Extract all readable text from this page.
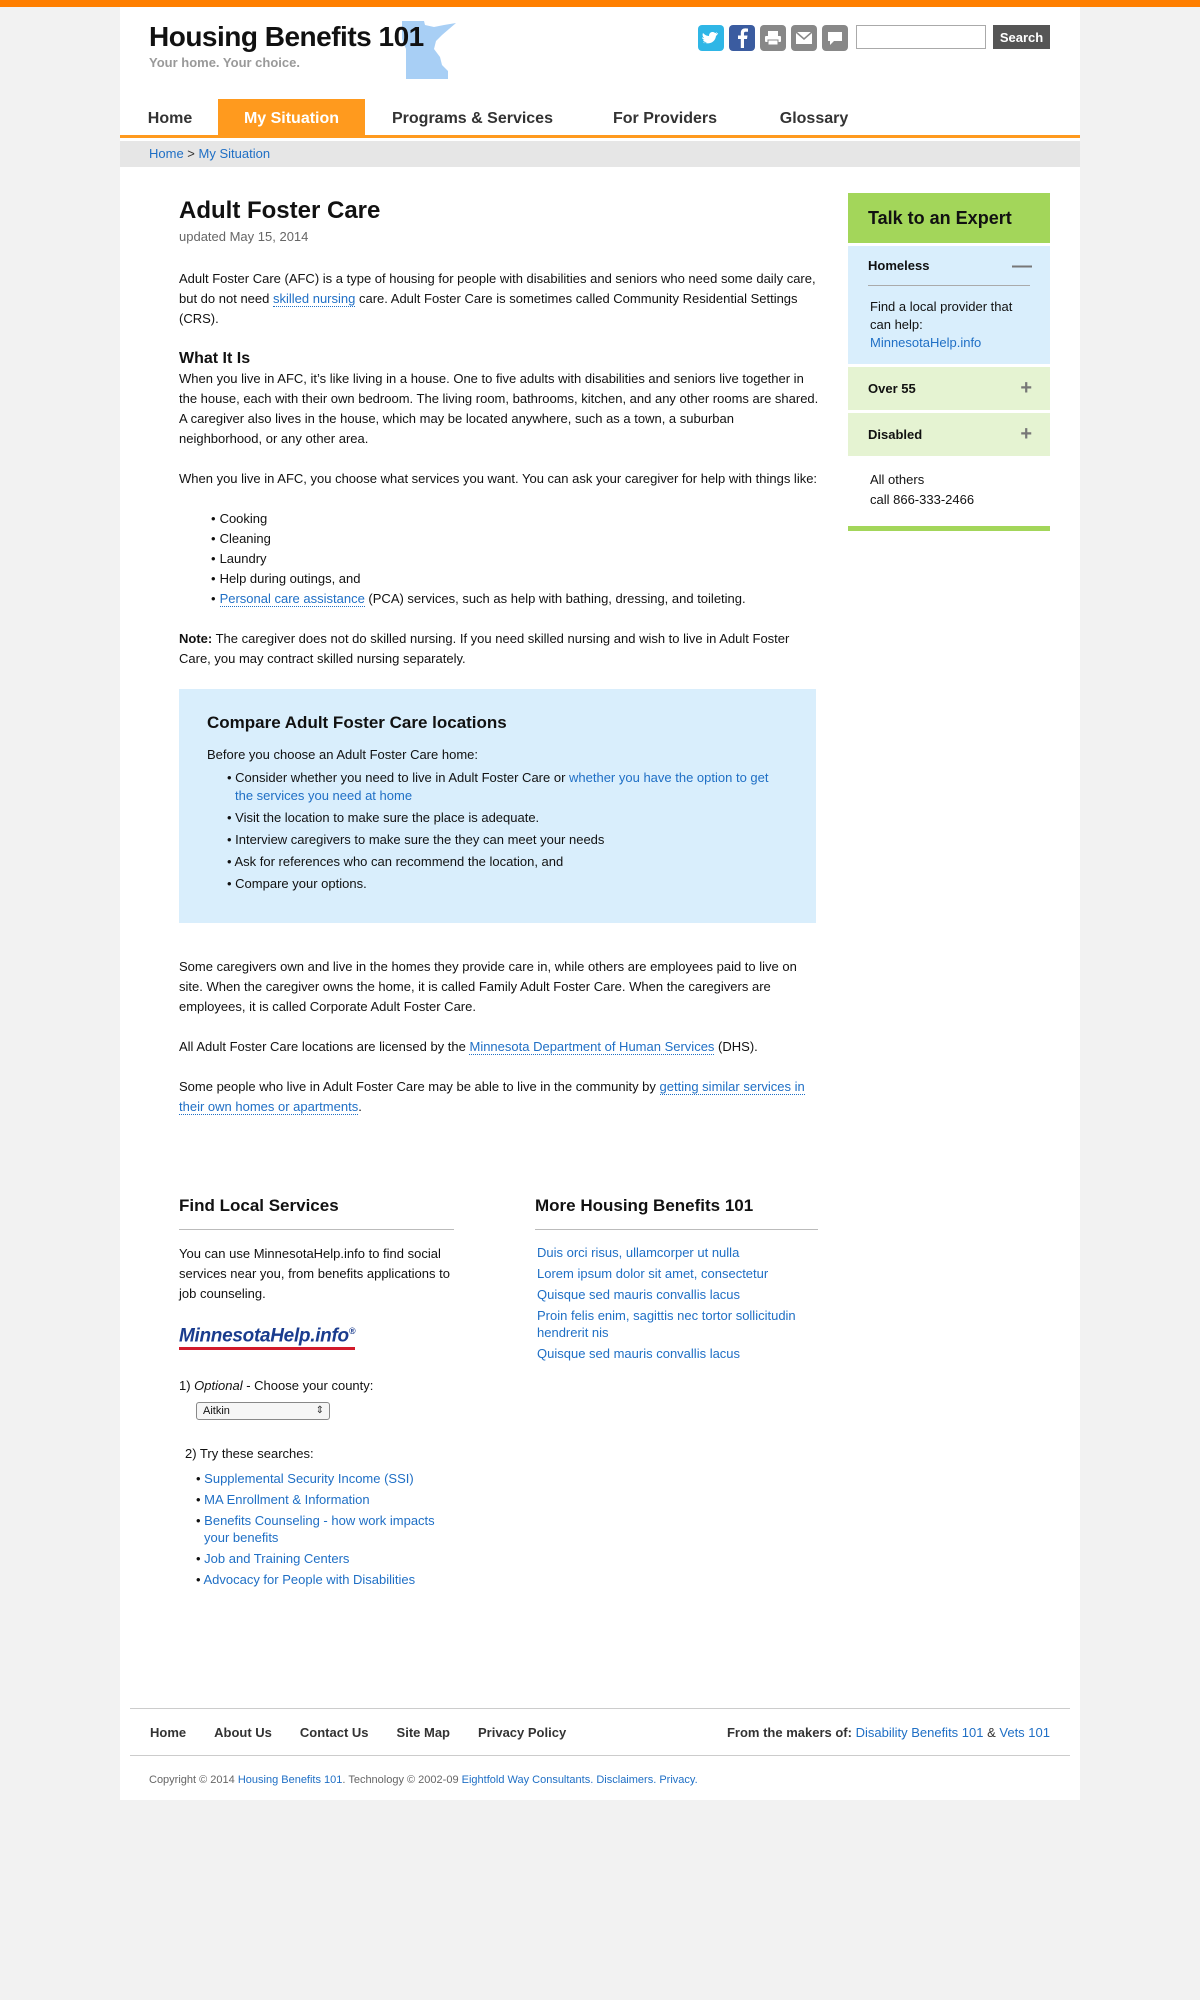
Housing Benefits 101
Your home. Your choice.
Search
Home	My Situation	Programs & Services	For Providers	Glossary
Home > My Situation
Adult Foster Care
updated May 15, 2014

Adult Foster Care (AFC) is a type of housing for people with disabilities and seniors who need some daily care, but do not need skilled nursing care. Adult Foster Care is sometimes called Community Residential Settings (CRS).

What It Is

When you live in AFC, it’s like living in a house. One to five adults with disabilities and seniors live together in the house, each with their own bedroom. The living room, bathrooms, kitchen, and any other rooms are shared. A caregiver also lives in the house, which may be located anywhere, such as a town, a suburban neighborhood, or any other area.

When you live in AFC, you choose what services you want. You can ask your caregiver for help with things like:

• Cooking
• Cleaning
• Laundry
• Help during outings, and
• Personal care assistance (PCA) services, such as help with bathing, dressing, and toileting.

Note: The caregiver does not do skilled nursing. If you need skilled nursing and wish to live in Adult Foster Care, you may contract skilled nursing separately.

Compare Adult Foster Care locations
Before you choose an Adult Foster Care home:
• Consider whether you need to live in Adult Foster Care or whether you have the option to get the services you need at home
• Visit the location to make sure the place is adequate.
• Interview caregivers to make sure the they can meet your needs
• Ask for references who can recommend the location, and
• Compare your options.

Some caregivers own and live in the homes they provide care in, while others are employees paid to live on site. When the caregiver owns the home, it is called Family Adult Foster Care. When the caregivers are employees, it is called Corporate Adult Foster Care.

All Adult Foster Care locations are licensed by the Minnesota Department of Human Services (DHS).

Some people who live in Adult Foster Care may be able to live in the community by getting similar services in their own homes or apartments.

Find Local Services

You can use MinnesotaHelp.info to find social services near you, from benefits applications to job counseling.

MinnesotaHelp.info®
1) Optional - Choose your county:
Aitkin ⇕
2) Try these searches:
• Supplemental Security Income (SSI)
• MA Enrollment & Information
• Benefits Counseling - how work impacts your benefits
• Job and Training Centers
• Advocacy for People with Disabilities
More Housing Benefits 101
Duis orci risus, ullamcorper ut nulla
Lorem ipsum dolor sit amet, consectetur
Quisque sed mauris convallis lacus
Proin felis enim, sagittis nec tortor sollicitudin hendrerit nis
Quisque sed mauris convallis lacus
Talk to an Expert
Homeless	—
Find a local provider that can help:
MinnesotaHelp.info
Over 55	+
Disabled	+
All others
call 866-333-2466
Home About Us Contact Us Site Map Privacy Policy	From the makers of: Disability Benefits 101 & Vets 101
Copyright © 2014 Housing Benefits 101. Technology © 2002-09 Eightfold Way Consultants. Disclaimers. Privacy.
